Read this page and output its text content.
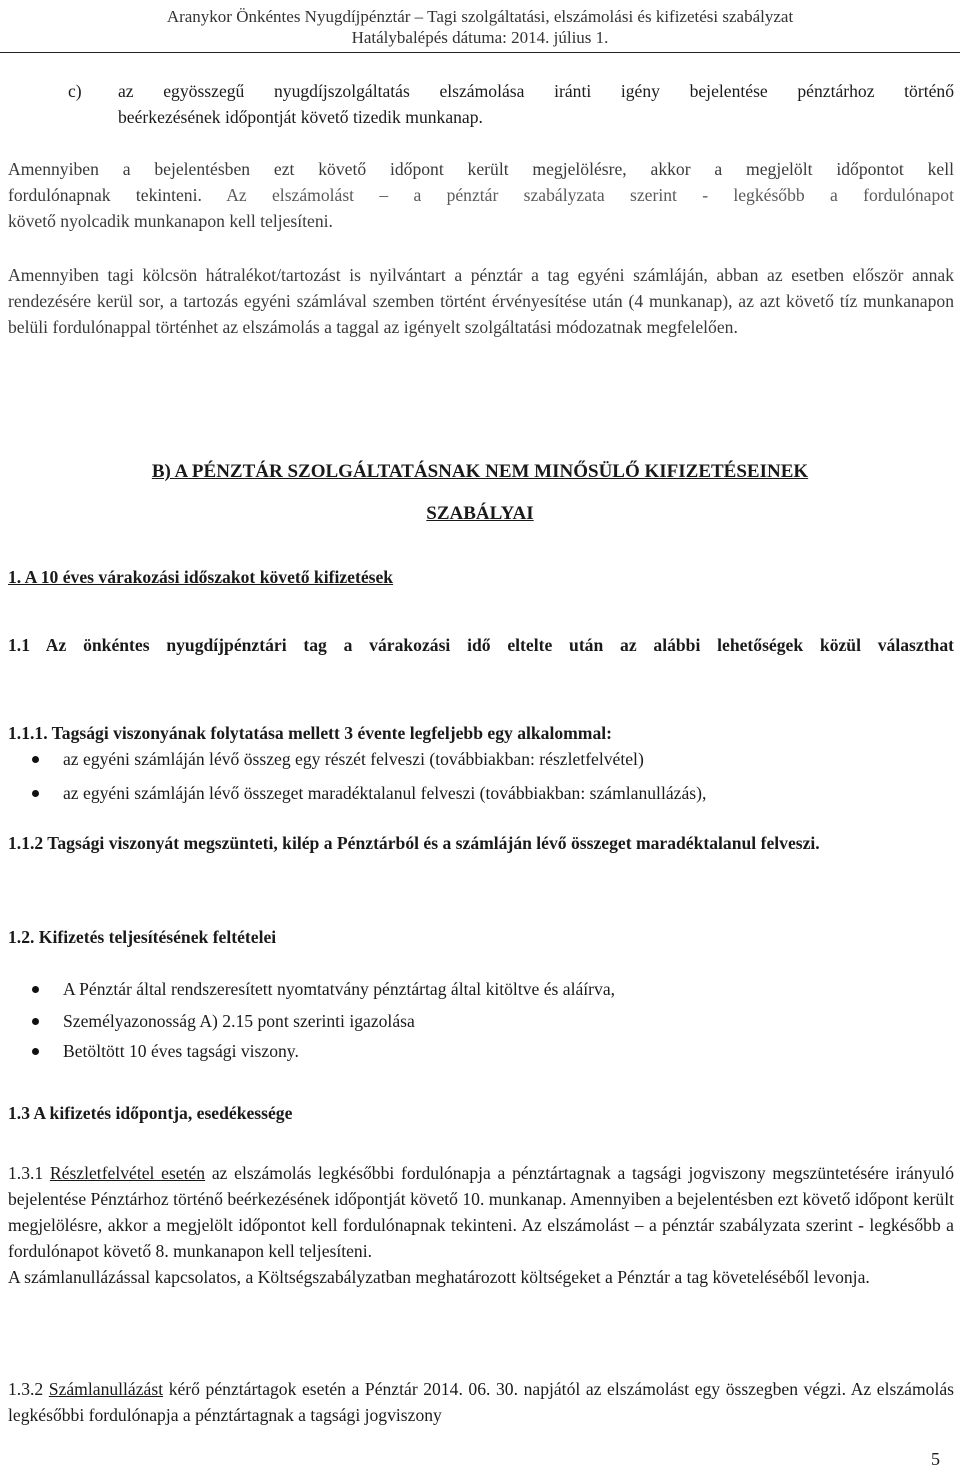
Aranykor Önkéntes Nyugdíjpénztár – Tagi szolgáltatási, elszámolási és kifizetési szabályzat
Hatálybalépés dátuma: 2014. július 1.
c)	az egyösszegű nyugdíjszolgáltatás elszámolása iránti igény bejelentése pénztárhoz történő
beérkezésének időpontját követő tizedik munkanap.
Amennyiben a bejelentésben ezt követő időpont került megjelölésre, akkor a megjelölt időpontot kell
fordulónapnak tekinteni. Az elszámolást – a pénztár szabályzata szerint - legkésőbb a fordulónapot
követő nyolcadik munkanapon kell teljesíteni.
Amennyiben tagi kölcsön hátralékot/tartozást is nyilvántart a pénztár a tag egyéni számláján, abban az esetben először annak rendezésére kerül sor, a tartozás egyéni számlával szemben történt érvényesítése után (4 munkanap), az azt követő tíz munkanapon belüli fordulónappal történhet az elszámolás a taggal az igényelt szolgáltatási módozatnak megfelelően.
B) A PÉNZTÁR SZOLGÁLTATÁSNAK NEM MINŐSÜLŐ KIFIZETÉSEINEK
SZABÁLYAI
1. A 10 éves várakozási időszakot követő kifizetések
1.1 Az önkéntes nyugdíjpénztári tag a várakozási idő eltelte után az alábbi lehetőségek közül választhat
1.1.1. Tagsági viszonyának folytatása mellett 3 évente legfeljebb egy alkalommal:
az egyéni számláján lévő összeg egy részét felveszi (továbbiakban: részletfelvétel)
az egyéni számláján lévő összeget maradéktalanul felveszi (továbbiakban: számlanullázás),
1.1.2 Tagsági viszonyát megszünteti, kilép a Pénztárból és a számláján lévő összeget maradéktalanul felveszi.
1.2. Kifizetés teljesítésének feltételei
A Pénztár által rendszeresített nyomtatvány pénztártag által kitöltve és aláírva,
Személyazonosság A) 2.15 pont szerinti igazolása
Betöltött 10 éves tagsági viszony.
1.3 A kifizetés időpontja, esedékessége
1.3.1 Részletfelvétel esetén az elszámolás legkésőbbi fordulónapja a pénztártagnak a tagsági jogviszony megszüntetésére irányuló bejelentése Pénztárhoz történő beérkezésének időpontját követő 10. munkanap. Amennyiben a bejelentésben ezt követő időpont került megjelölésre, akkor a megjelölt időpontot kell fordulónapnak tekinteni. Az elszámolást – a pénztár szabályzata szerint - legkésőbb a fordulónapot követő 8. munkanapon kell teljesíteni.
A számlanullázással kapcsolatos, a Költségszabályzatban meghatározott költségeket a Pénztár a tag követeléséből levonja.
1.3.2 Számlanullázást kérő pénztártagok esetén a Pénztár 2014. 06. 30. napjától az elszámolást egy összegben végzi. Az elszámolás legkésőbbi fordulónapja a pénztártagnak a tagsági jogviszony
5
